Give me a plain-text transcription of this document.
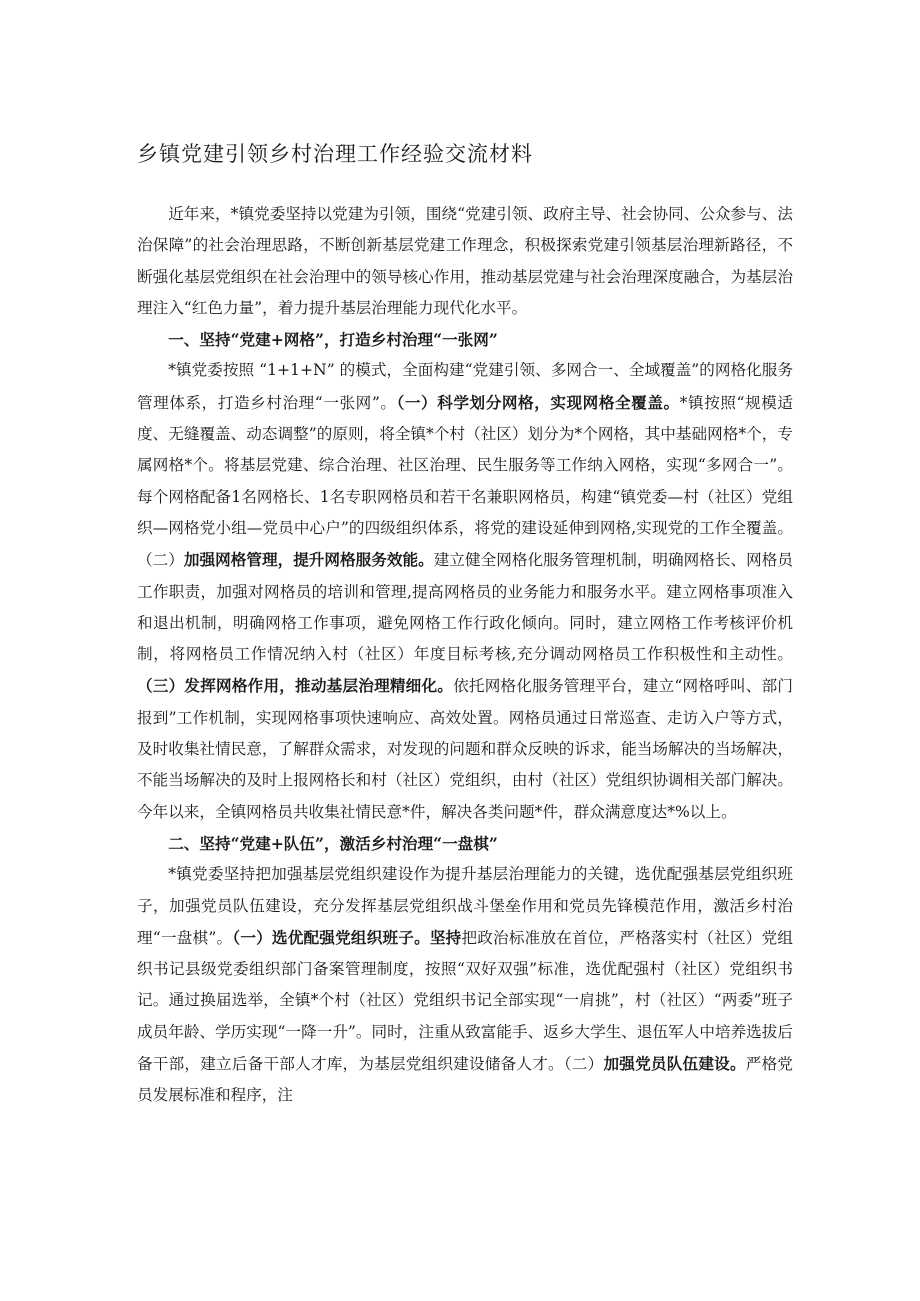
乡镇党建引领乡村治理工作经验交流材料

近年来，*镇党委坚持以党建为引领，围绕“党建引领、政府主导、社会协同、公众参与、法治保障”的社会治理思路，不断创新基层党建工作理念，积极探索党建引领基层治理新路径，不断强化基层党组织在社会治理中的领导核心作用，推动基层党建与社会治理深度融合，为基层治理注入“红色力量”，着力提升基层治理能力现代化水平。

一、坚持“党建+网格”，打造乡村治理“一张网”

*镇党委按照 “1+1+N” 的模式，全面构建“党建引领、多网合一、全域覆盖”的网格化服务管理体系，打造乡村治理“一张网”。（一）科学划分网格，实现网格全覆盖。*镇按照“规模适度、无缝覆盖、动态调整”的原则，将全镇*个村（社区）划分为*个网格，其中基础网格*个，专属网格*个。将基层党建、综合治理、社区治理、民生服务等工作纳入网格，实现“多网合一”。每个网格配备1名网格长、1名专职网格员和若干名兼职网格员，构建“镇党委—村（社区）党组织—网格党小组—党员中心户”的四级组织体系，将党的建设延伸到网格,实现党的工作全覆盖。（二）加强网格管理，提升网格服务效能。建立健全网格化服务管理机制，明确网格长、网格员工作职责，加强对网格员的培训和管理,提高网格员的业务能力和服务水平。建立网格事项准入和退出机制，明确网格工作事项，避免网格工作行政化倾向。同时，建立网格工作考核评价机制，将网格员工作情况纳入村（社区）年度目标考核,充分调动网格员工作积极性和主动性。（三）发挥网格作用，推动基层治理精细化。依托网格化服务管理平台，建立“网格呼叫、部门报到”工作机制，实现网格事项快速响应、高效处置。网格员通过日常巡查、走访入户等方式，及时收集社情民意，了解群众需求，对发现的问题和群众反映的诉求，能当场解决的当场解决，不能当场解决的及时上报网格长和村（社区）党组织，由村（社区）党组织协调相关部门解决。今年以来，全镇网格员共收集社情民意*件，解决各类问题*件，群众满意度达*%以上。

二、坚持“党建+队伍”，激活乡村治理“一盘棋”

*镇党委坚持把加强基层党组织建设作为提升基层治理能力的关键，选优配强基层党组织班子，加强党员队伍建设，充分发挥基层党组织战斗堡垒作用和党员先锋模范作用，激活乡村治理“一盘棋”。（一）选优配强党组织班子。坚持把政治标准放在首位，严格落实村（社区）党组织书记县级党委组织部门备案管理制度，按照“双好双强”标准，选优配强村（社区）党组织书记。通过换届选举，全镇*个村（社区）党组织书记全部实现“一肩挑”，村（社区）“两委”班子成员年龄、学历实现“一降一升”。同时，注重从致富能手、返乡大学生、退伍军人中培养选拔后备干部，建立后备干部人才库，为基层党组织建设储备人才。（二）加强党员队伍建设。严格党员发展标准和程序，注
